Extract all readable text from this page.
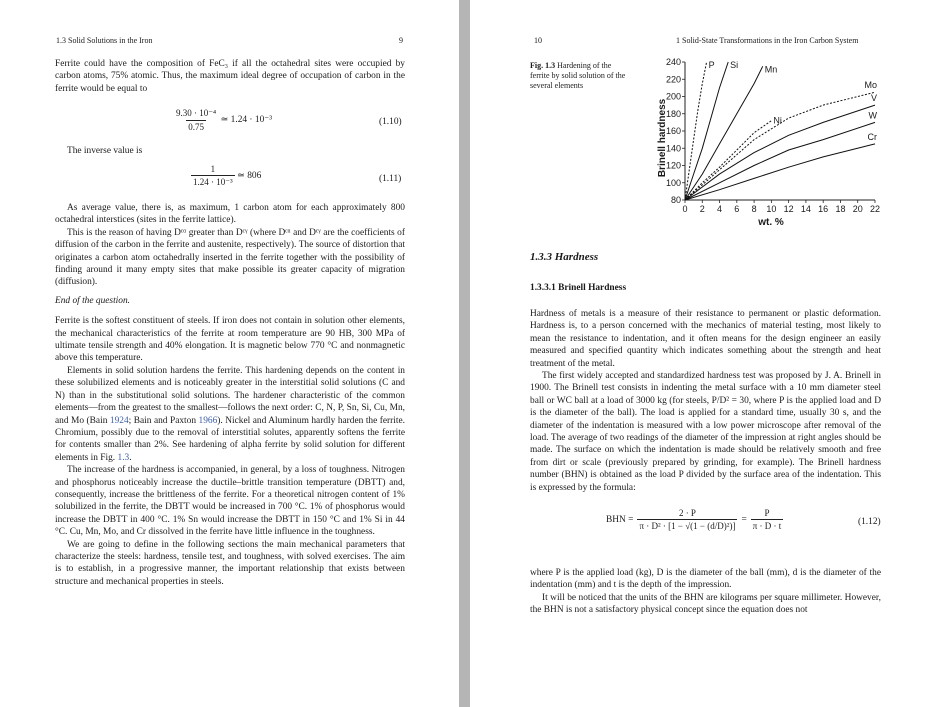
1.3 Solid Solutions in the Iron	9

Ferrite could have the composition of FeC₃ if all the octahedral sites were occupied by carbon atoms, 75% atomic. Thus, the maximum ideal degree of occupation of carbon in the ferrite would be equal to

$\frac{\text{9.30 · 10⁻⁴}}{0.75}$ ≃ 1.24 · 10⁻³	(1.10)
The inverse value is
$\frac{1}{\text{1.24 · 10⁻³}}$ ≃ 806	(1.11)

As average value, there is, as maximum, 1 carbon atom for each approximately 800 octahedral interstices (sites in the ferrite lattice).

This is the reason of having Dᶜᵅ greater than Dᶜᵞ (where Dᶜᵅ and Dᶜᵞ are the coefficients of diffusion of the carbon in the ferrite and austenite, respectively). The source of distortion that originates a carbon atom octahedrally inserted in the ferrite together with the possibility of finding around it many empty sites that make possible its greater capacity of migration (diffusion).

End of the question.

Ferrite is the softest constituent of steels. If iron does not contain in solution other elements, the mechanical characteristics of the ferrite at room temperature are 90 HB, 300 MPa of ultimate tensile strength and 40% elongation. It is magnetic below 770 °C and nonmagnetic above this temperature.

Elements in solid solution hardens the ferrite. This hardening depends on the content in these solubilized elements and is noticeably greater in the interstitial solid solutions (C and N) than in the substitutional solid solutions. The hardener characteristic of the common elements—from the greatest to the smallest—follows the next order: C, N, P, Sn, Si, Cu, Mn, and Mo (Bain 1924; Bain and Paxton 1966). Nickel and Aluminum hardly harden the ferrite. Chromium, possibly due to the removal of interstitial solutes, apparently softens the ferrite for contents smaller than 2%. See hardening of alpha ferrite by solid solution for different elements in Fig. 1.3.

The increase of the hardness is accompanied, in general, by a loss of toughness. Nitrogen and phosphorus noticeably increase the ductile–brittle transition temperature (DBTT) and, consequently, increase the brittleness of the ferrite. For a theoretical nitrogen content of 1% solubilized in the ferrite, the DBTT would be increased in 700 °C. 1% of phosphorus would increase the DBTT in 400 °C. 1% Sn would increase the DBTT in 150 °C and 1% Si in 44 °C. Cu, Mn, Mo, and Cr dissolved in the ferrite have little influence in the toughness.

We are going to define in the following sections the main mechanical parameters that characterize the steels: hardness, tensile test, and toughness, with solved exercises. The aim is to establish, in a progressive manner, the important relationship that exists between structure and mechanical properties in steels.

10	1 Solid-State Transformations in the Iron Carbon System
Fig. 1.3 Hardening of the ferrite by solid solution of the several elements
1.3.3 Hardness
1.3.3.1 Brinell Hardness

Hardness of metals is a measure of their resistance to permanent or plastic deformation. Hardness is, to a person concerned with the mechanics of material testing, most likely to mean the resistance to indentation, and it often means for the design engineer an easily measured and specified quantity which indicates something about the strength and heat treatment of the metal.

The first widely accepted and standardized hardness test was proposed by J. A. Brinell in 1900. The Brinell test consists in indenting the metal surface with a 10 mm diameter steel ball or WC ball at a load of 3000 kg (for steels, P/D² = 30, where P is the applied load and D is the diameter of the ball). The load is applied for a standard time, usually 30 s, and the diameter of the indentation is measured with a low power microscope after removal of the load. The average of two readings of the diameter of the impression at right angles should be made. The surface on which the indentation is made should be relatively smooth and free from dirt or scale (previously prepared by grinding, for example). The Brinell hardness number (BHN) is obtained as the load P divided by the surface area of the indentation. This is expressed by the formula:

BHN = $\frac{2 \cdot P}{\text{π · D² · [1 − √(1 − (d/D)²)]}} = \frac{P}{\pi \cdot D \cdot t}$	(1.12)

where P is the applied load (kg), D is the diameter of the ball (mm), d is the diameter of the indentation (mm) and t is the depth of the impression.

It will be noticed that the units of the BHN are kilograms per square millimeter. However, the BHN is not a satisfactory physical concept since the equation does not

80
100
120
140
160
180
200
220
240
0 2 4 6 8 10 12 14 16 18 20 22
P Si	Mn
Ni
Mo
V
W
Cr
Brinell hardness
wt. %
